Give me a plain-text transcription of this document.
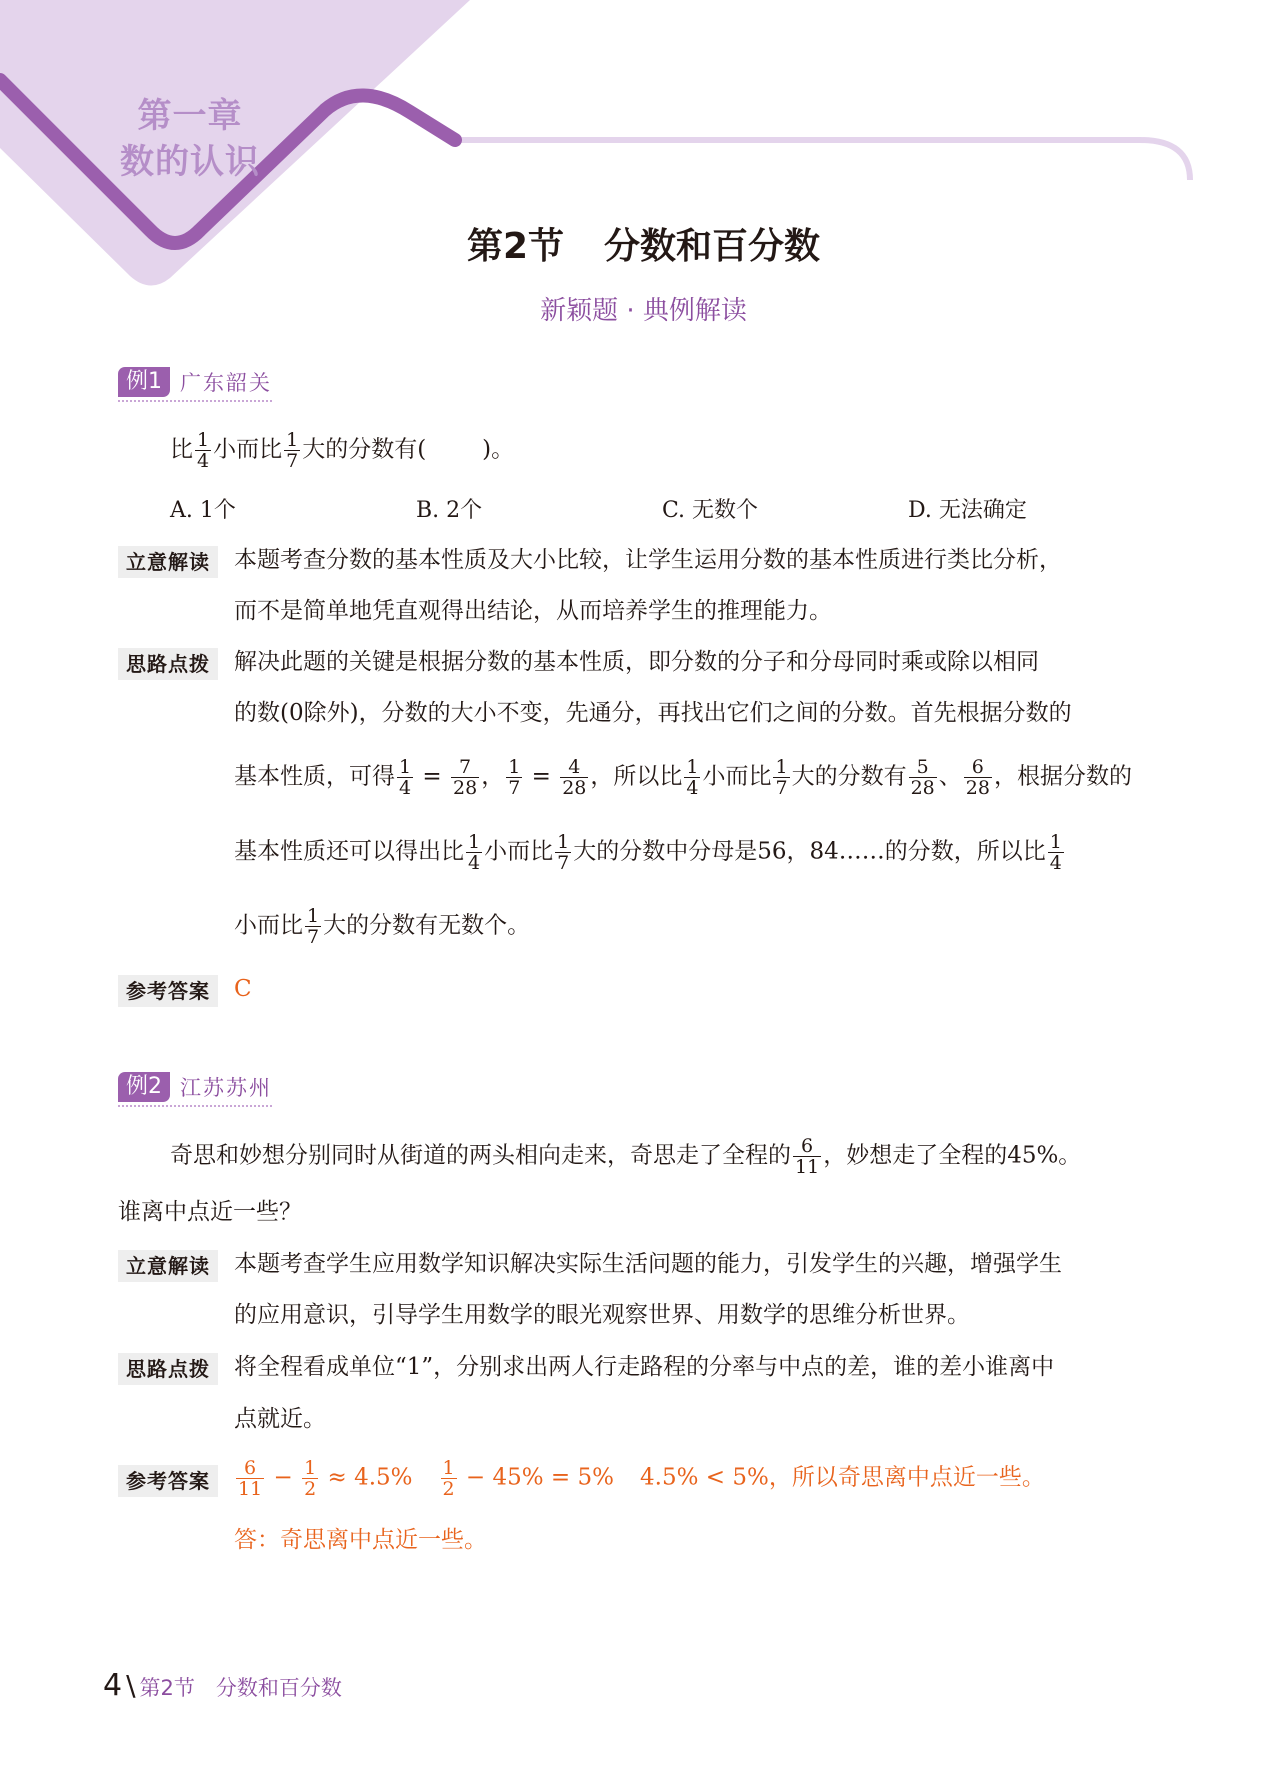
第一章
数的认识
第2节 分数和百分数
新颖题 · 典例解读
例1 广东韶关
比 $\frac{1}{4}$ 小而比 $\frac{1}{7}$ 大的分数有( )。
A. 1个	B. 2个	C. 无数个	D. 无法确定
立意解读	本题考查分数的基本性质及大小比较，让学生运用分数的基本性质进行类比分析，
而不是简单地凭直观得出结论，从而培养学生的推理能力。
思路点拨	解决此题的关键是根据分数的基本性质，即分数的分子和分母同时乘或除以相同
的数(0除外)，分数的大小不变，先通分，再找出它们之间的分数。首先根据分数的
基本性质，可得 $\frac{1}{4} = \frac{7}{28}$ ， $\frac{1}{7} = \frac{4}{28}$ ，所以比 $\frac{1}{4}$ 小而比 $\frac{1}{7}$ 大的分数有 $\frac{5}{28}$ 、 $\frac{6}{28}$ ，根据分数的
基本性质还可以得出比 $\frac{1}{4}$ 小而比 $\frac{1}{7}$ 大的分数中分母是56，84……的分数，所以比 $\frac{1}{4}$
小而比 $\frac{1}{7}$ 大的分数有无数个。
参考答案	C
例2 江苏苏州
奇思和妙想分别同时从街道的两头相向走来，奇思走了全程的 $\frac{6}{11}$ ，妙想走了全程的45%。
谁离中点近一些？
立意解读	本题考查学生应用数学知识解决实际生活问题的能力，引发学生的兴趣，增强学生
的应用意识，引导学生用数学的眼光观察世界、用数学的思维分析世界。
思路点拨	将全程看成单位“1”，分别求出两人行走路程的分率与中点的差，谁的差小谁离中
点就近。
参考答案	$\frac{6}{11} - \frac{1}{2} \approx 4.5\% \frac{1}{2} - 45\% = 5\%$ 4.5% < 5%，所以奇思离中点近一些。
答：奇思离中点近一些。
4 \ 第2节　分数和百分数
